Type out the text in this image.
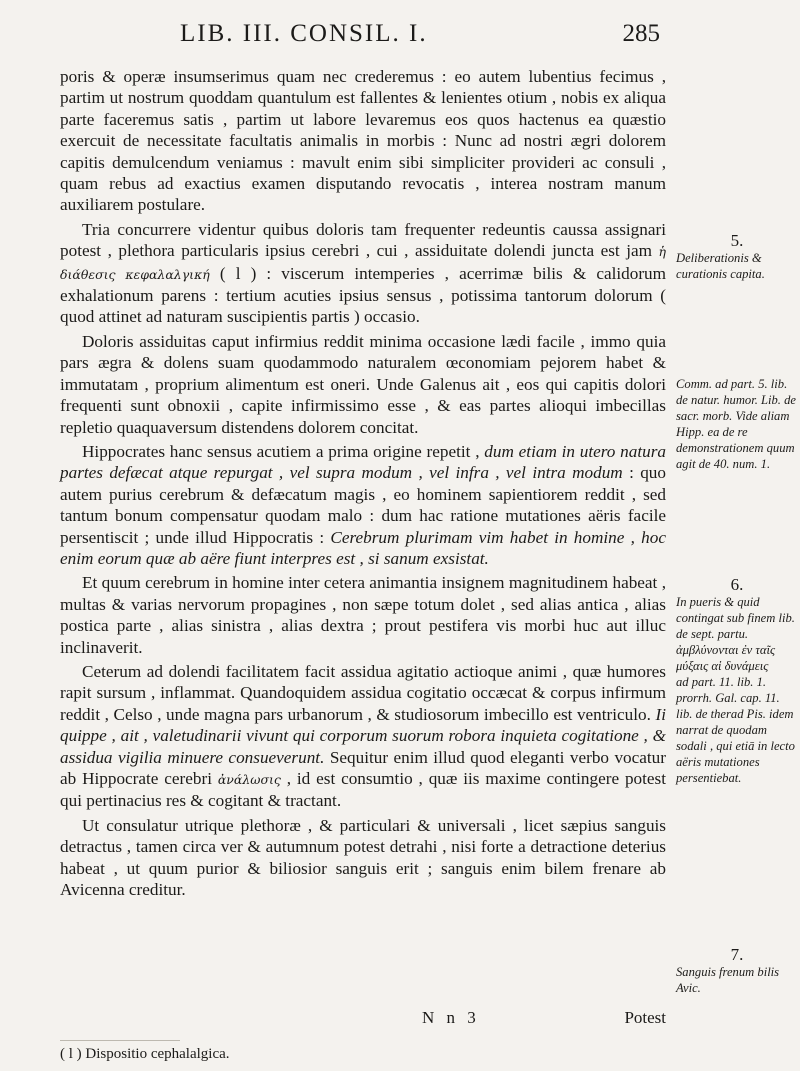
LIB. III. CONSIL. I.	285

poris & operæ insumserimus quam nec crederemus : eo autem lubentius fecimus , partim ut nostrum quoddam quantulum est fallentes & lenientes otium , nobis ex aliqua parte faceremus satis , partim ut labore levaremus eos quos hactenus ea quæstio exercuit de necessitate facultatis animalis in morbis : Nunc ad nostri ægri dolorem capitis demulcendum veniamus : mavult enim sibi simpliciter provideri ac consuli , quam rebus ad exactius examen disputando revocatis , interea nostram manum auxiliarem postulare.

Tria concurrere videntur quibus doloris tam frequenter redeuntis caussa assignari potest , plethora particularis ipsius cerebri , cui , assiduitate dolendi juncta est jam ἡ διάθεσις κεφαλαλγική ( l ) : viscerum intemperies , acerrimæ bilis & calidorum exhalationum parens : tertium acuties ipsius sensus , potissima tantorum dolorum ( quod attinet ad naturam suscipientis partis ) occasio.

Doloris assiduitas caput infirmius reddit minima occasione lædi facile , immo quia pars ægra & dolens suam quodammodo naturalem œconomiam pejorem habet & immutatam , proprium alimentum est oneri. Unde Galenus ait , eos qui capitis dolori frequenti sunt obnoxii , capite infirmissimo esse , & eas partes alioqui imbecillas repletio quaquaversum distendens dolorem concitat.

Hippocrates hanc sensus acutiem a prima origine repetit , dum etiam in utero natura partes defæcat atque repurgat , vel supra modum , vel infra , vel intra modum : quo autem purius cerebrum & defæcatum magis , eo hominem sapientiorem reddit , sed tantum bonum compensatur quodam malo : dum hac ratione mutationes aëris facile persentiscit ; unde illud Hippocratis : Cerebrum plurimam vim habet in homine , hoc enim eorum quæ ab aëre fiunt interpres est , si sanum exsistat.

Et quum cerebrum in homine inter cetera animantia insignem magnitudinem habeat , multas & varias nervorum propagines , non sæpe totum dolet , sed alias antica , alias postica parte , alias sinistra , alias dextra ; prout pestifera vis morbi huc aut illuc inclinaverit.

Ceterum ad dolendi facilitatem facit assidua agitatio actioque animi , quæ humores rapit sursum , inflammat. Quandoquidem assidua cogitatio occæcat & corpus infirmum reddit , Celso , unde magna pars urbanorum , & studiosorum imbecillo est ventriculo. Ii quippe , ait , valetudinarii vivunt qui corporum suorum robora inquieta cogitatione , & assidua vigilia minuere consueverunt. Sequitur enim illud quod eleganti verbo vocatur ab Hippocrate cerebri ἀνάλωσις , id est consumtio , quæ iis maxime contingere potest qui pertinacius res & cogitant & tractant.

Ut consulatur utrique plethoræ , & particulari & universali , licet sæpius sanguis detractus , tamen circa ver & autumnum potest detrahi , nisi forte a detractione deterius habeat , ut quum purior & biliosior sanguis erit ; sanguis enim bilem frenare ab Avicenna creditur.

5.
Deliberationis & curationis capita.
Comm. ad part. 5. lib. de natur. humor. Lib. de sacr. morb. Vide aliam Hipp. ea de re demonstrationem quum agit de 40. num. 1.
6.
In pueris & quid contingat sub finem lib. de sept. partu.
ἀμβλύνονται ἐν ταῖς μύξαις αἱ δυνάμεις
ad part. 11. lib. 1. prorrh. Gal. cap. 11. lib. de therad Pis. idem narrat de quodam sodali , qui etiā in lecto aëris mutationes persentiebat.
7.
Sanguis frenum bilis Avic.
N n 3	Potest
( l ) Dispositio cephalalgica.
